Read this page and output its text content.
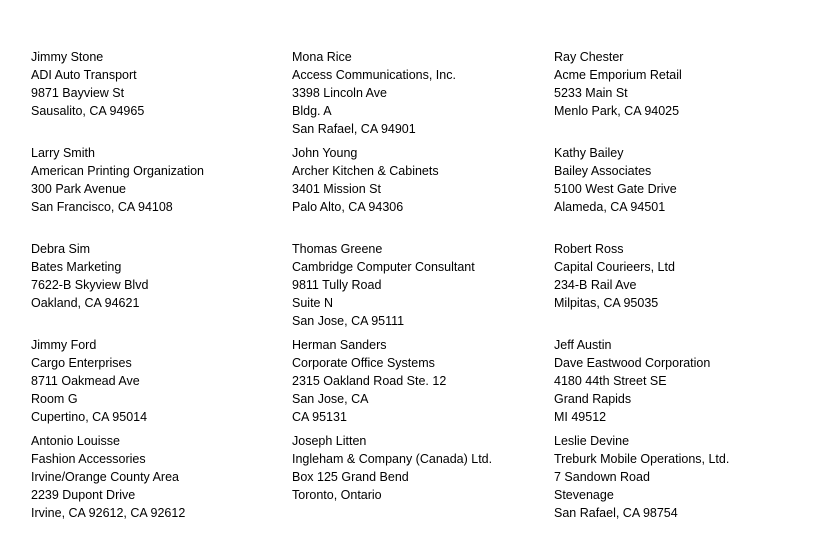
Jimmy Stone
ADI Auto Transport
9871 Bayview St
Sausalito, CA 94965
Mona Rice
Access Communications, Inc.
3398 Lincoln Ave
Bldg. A
San Rafael, CA 94901
Ray Chester
Acme Emporium Retail
5233 Main St
Menlo Park, CA 94025
Larry Smith
American Printing Organization
300 Park Avenue
San Francisco, CA 94108
John Young
Archer Kitchen & Cabinets
3401 Mission St
Palo Alto, CA 94306
Kathy Bailey
Bailey Associates
5100 West Gate Drive
Alameda, CA 94501
Debra Sim
Bates Marketing
7622-B Skyview Blvd
Oakland, CA 94621
Thomas Greene
Cambridge Computer Consultant
9811 Tully Road
Suite N
San Jose, CA 95111
Robert Ross
Capital Courieers, Ltd
234-B Rail Ave
Milpitas, CA 95035
Jimmy Ford
Cargo Enterprises
8711 Oakmead Ave
Room G
Cupertino, CA 95014
Herman Sanders
Corporate Office Systems
2315 Oakland Road Ste. 12
San Jose, CA
CA 95131
Jeff Austin
Dave Eastwood Corporation
4180 44th Street SE
Grand Rapids
MI 49512
Antonio Louisse
Fashion Accessories
Irvine/Orange County Area
2239 Dupont Drive
Irvine, CA 92612, CA 92612
Joseph Litten
Ingleham & Company (Canada) Ltd.
Box 125 Grand Bend
Toronto, Ontario
Leslie Devine
Treburk Mobile Operations, Ltd.
7 Sandown Road
Stevenage
San Rafael, CA 98754
